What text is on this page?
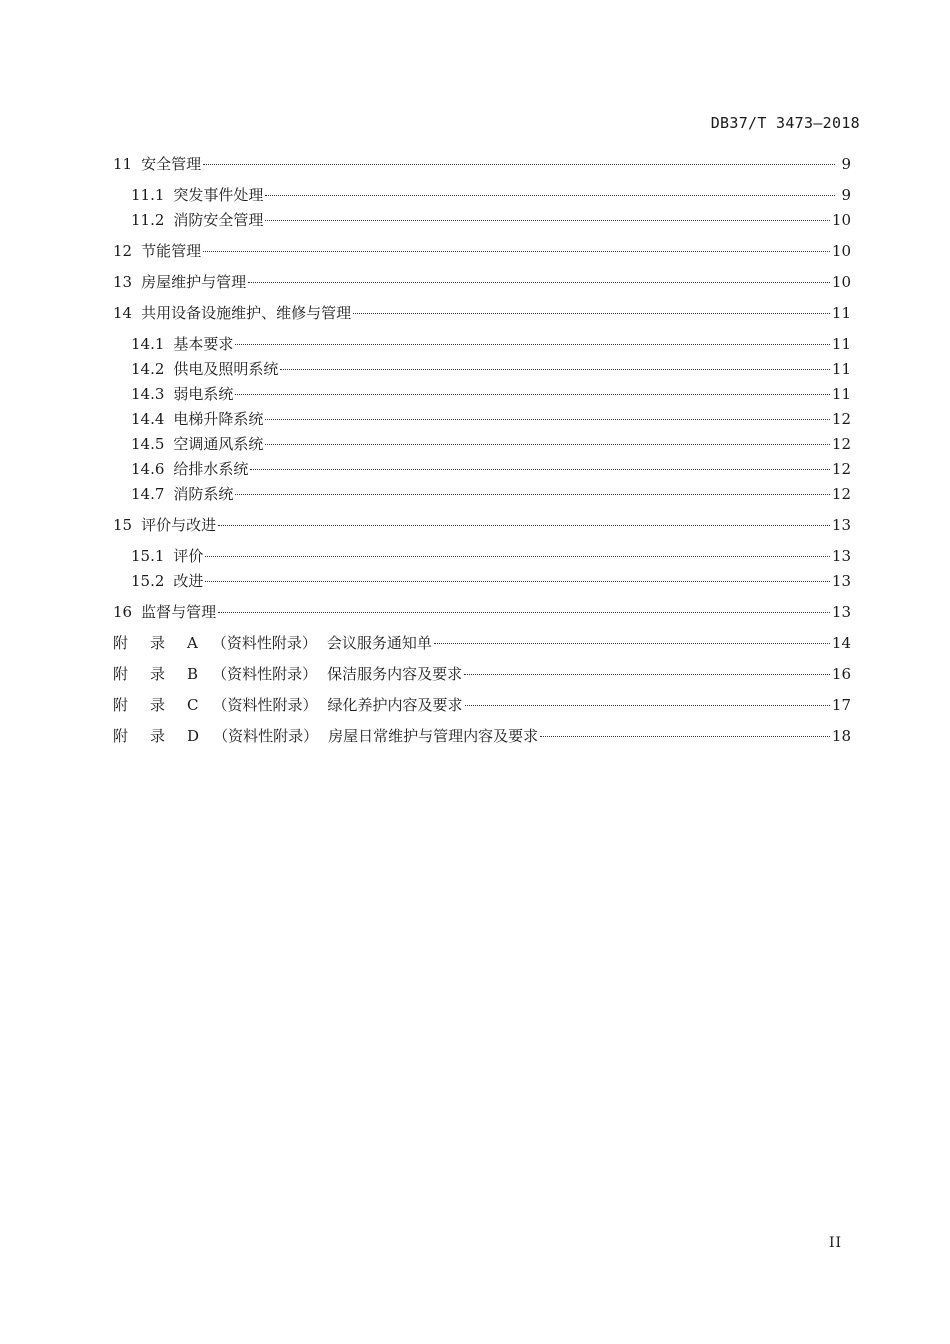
DB37/T 3473—2018
11 安全管理	9
11.1 突发事件处理	9
11.2 消防安全管理	10
12 节能管理	10
13 房屋维护与管理	10
14 共用设备设施维护、维修与管理	11
14.1 基本要求	11
14.2 供电及照明系统	11
14.3 弱电系统	11
14.4 电梯升降系统	12
14.5 空调通风系统	12
14.6 给排水系统	12
14.7 消防系统	12
15 评价与改进	13
15.1 评价	13
15.2 改进	13
16 监督与管理	13
附 录 A （资料性附录） 会议服务通知单	14
附 录 B （资料性附录） 保洁服务内容及要求	16
附 录 C （资料性附录） 绿化养护内容及要求	17
附 录 D （资料性附录） 房屋日常维护与管理内容及要求	18
II
